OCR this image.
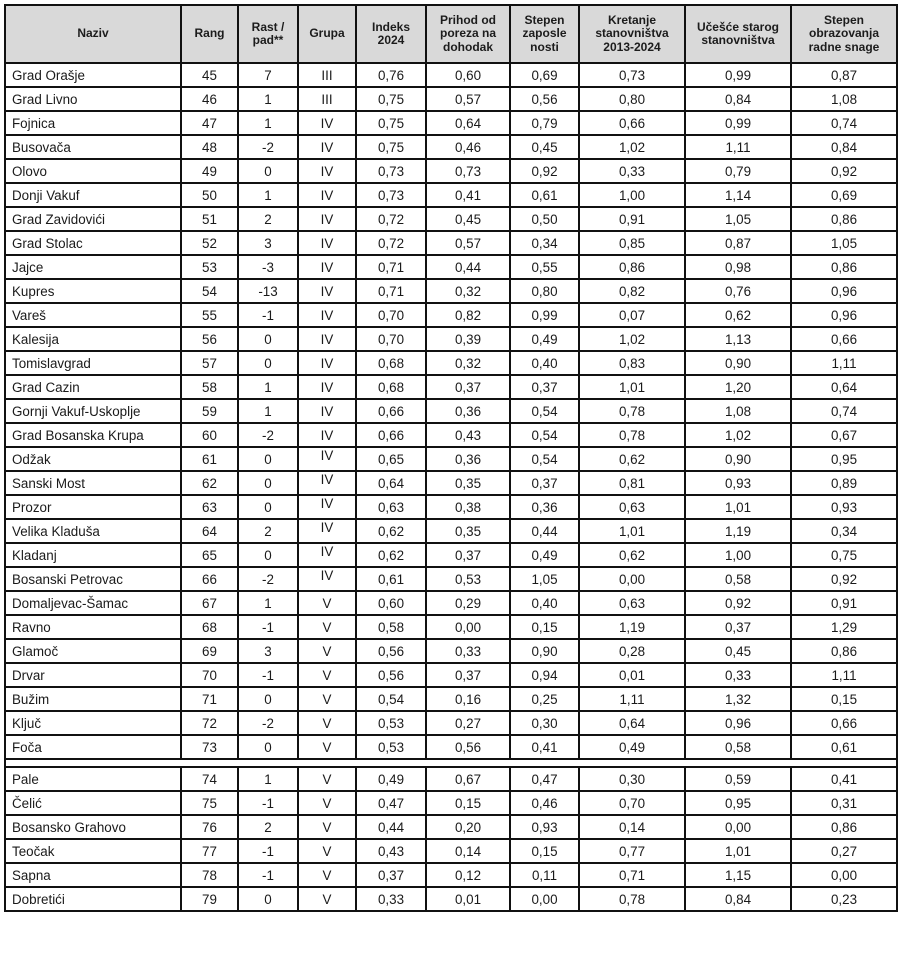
Naziv	Rang	Rast / pad**	Grupa	Indeks 2024	Prihod od poreza na dohodak	Stepen zaposle nosti	Kretanje stanovništva 2013-2024	Učešće starog stanovništva	Stepen obrazovanja radne snage
Grad Orašje	45	7	III	0,76	0,60	0,69	0,73	0,99	0,87
Grad Livno	46	1	III	0,75	0,57	0,56	0,80	0,84	1,08
Fojnica	47	1	IV	0,75	0,64	0,79	0,66	0,99	0,74
Busovača	48	-2	IV	0,75	0,46	0,45	1,02	1,11	0,84
Olovo	49	0	IV	0,73	0,73	0,92	0,33	0,79	0,92
Donji Vakuf	50	1	IV	0,73	0,41	0,61	1,00	1,14	0,69
Grad Zavidovići	51	2	IV	0,72	0,45	0,50	0,91	1,05	0,86
Grad Stolac	52	3	IV	0,72	0,57	0,34	0,85	0,87	1,05
Jajce	53	-3	IV	0,71	0,44	0,55	0,86	0,98	0,86
Kupres	54	-13	IV	0,71	0,32	0,80	0,82	0,76	0,96
Vareš	55	-1	IV	0,70	0,82	0,99	0,07	0,62	0,96
Kalesija	56	0	IV	0,70	0,39	0,49	1,02	1,13	0,66
Tomislavgrad	57	0	IV	0,68	0,32	0,40	0,83	0,90	1,11
Grad Cazin	58	1	IV	0,68	0,37	0,37	1,01	1,20	0,64
Gornji Vakuf-Uskoplje	59	1	IV	0,66	0,36	0,54	0,78	1,08	0,74
Grad Bosanska Krupa	60	-2	IV	0,66	0,43	0,54	0,78	1,02	0,67
Odžak	61	0	IV	0,65	0,36	0,54	0,62	0,90	0,95
Sanski Most	62	0	IV	0,64	0,35	0,37	0,81	0,93	0,89
Prozor	63	0	IV	0,63	0,38	0,36	0,63	1,01	0,93
Velika Kladuša	64	2	IV	0,62	0,35	0,44	1,01	1,19	0,34
Kladanj	65	0	IV	0,62	0,37	0,49	0,62	1,00	0,75
Bosanski Petrovac	66	-2	IV	0,61	0,53	1,05	0,00	0,58	0,92
Domaljevac-Šamac	67	1	V	0,60	0,29	0,40	0,63	0,92	0,91
Ravno	68	-1	V	0,58	0,00	0,15	1,19	0,37	1,29
Glamoč	69	3	V	0,56	0,33	0,90	0,28	0,45	0,86
Drvar	70	-1	V	0,56	0,37	0,94	0,01	0,33	1,11
Bužim	71	0	V	0,54	0,16	0,25	1,11	1,32	0,15
Ključ	72	-2	V	0,53	0,27	0,30	0,64	0,96	0,66
Foča	73	0	V	0,53	0,56	0,41	0,49	0,58	0,61

Pale	74	1	V	0,49	0,67	0,47	0,30	0,59	0,41
Čelić	75	-1	V	0,47	0,15	0,46	0,70	0,95	0,31
Bosansko Grahovo	76	2	V	0,44	0,20	0,93	0,14	0,00	0,86
Teočak	77	-1	V	0,43	0,14	0,15	0,77	1,01	0,27
Sapna	78	-1	V	0,37	0,12	0,11	0,71	1,15	0,00
Dobretići	79	0	V	0,33	0,01	0,00	0,78	0,84	0,23
